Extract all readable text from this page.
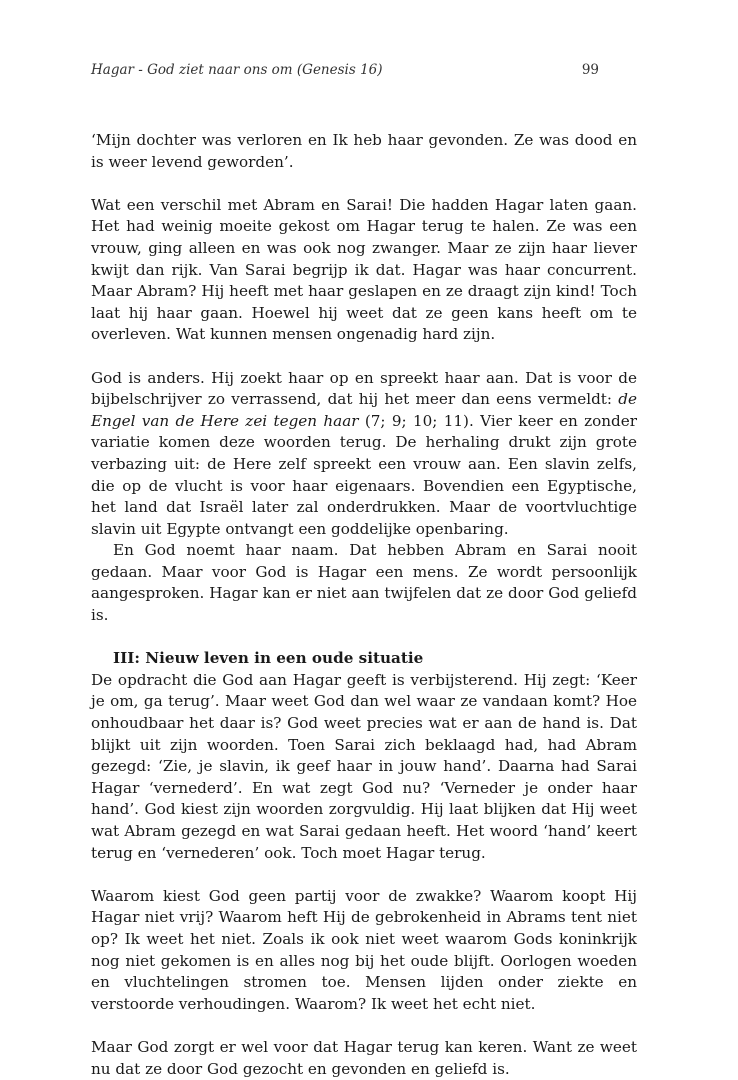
Hagar - God ziet naar ons om (Genesis 16)	99

‘Mijn dochter was verloren en Ik heb haar gevonden. Ze was dood en is weer levend geworden’.

Wat een verschil met Abram en Sarai! Die hadden Hagar laten gaan. Het had weinig moeite gekost om Hagar terug te halen. Ze was een vrouw, ging alleen en was ook nog zwanger. Maar ze zijn haar liever kwijt dan rijk. Van Sarai begrijp ik dat. Hagar was haar concurrent. Maar Abram? Hij heeft met haar geslapen en ze draagt zijn kind! Toch laat hij haar gaan. Hoewel hij weet dat ze geen kans heeft om te overleven. Wat kunnen mensen ongenadig hard zijn.

God is anders. Hij zoekt haar op en spreekt haar aan. Dat is voor de bijbelschrijver zo verrassend, dat hij het meer dan eens vermeldt: de Engel van de Here zei tegen haar (7; 9; 10; 11). Vier keer en zonder variatie komen deze woorden terug. De herhaling drukt zijn grote verbazing uit: de Here zelf spreekt een vrouw aan. Een slavin zelfs, die op de vlucht is voor haar eigenaars. Bovendien een Egyptische, het land dat Israël later zal onderdrukken. Maar de voortvluchtige slavin uit Egypte ontvangt een goddelijke openbaring.

En God noemt haar naam. Dat hebben Abram en Sarai nooit gedaan. Maar voor God is Hagar een mens. Ze wordt persoonlijk aangesproken. Hagar kan er niet aan twijfelen dat ze door God geliefd is.

III: Nieuw leven in een oude situatie

De opdracht die God aan Hagar geeft is verbijsterend. Hij zegt: ‘Keer je om, ga terug’. Maar weet God dan wel waar ze vandaan komt? Hoe onhoudbaar het daar is? God weet precies wat er aan de hand is. Dat blijkt uit zijn woorden. Toen Sarai zich beklaagd had, had Abram gezegd: ‘Zie, je slavin, ik geef haar in jouw hand’. Daarna had Sarai Hagar ‘vernederd’. En wat zegt God nu? ‘Verneder je onder haar hand’. God kiest zijn woorden zorgvuldig. Hij laat blijken dat Hij weet wat Abram gezegd en wat Sarai gedaan heeft. Het woord ‘hand’ keert terug en ‘vernederen’ ook. Toch moet Hagar terug.

Waarom kiest God geen partij voor de zwakke? Waarom koopt Hij Hagar niet vrij? Waarom heft Hij de gebrokenheid in Abrams tent niet op? Ik weet het niet. Zoals ik ook niet weet waarom Gods koninkrijk nog niet gekomen is en alles nog bij het oude blijft. Oorlogen woeden en vluchtelingen stromen toe. Mensen lijden onder ziekte en verstoorde verhoudingen. Waarom? Ik weet het echt niet.

Maar God zorgt er wel voor dat Hagar terug kan keren. Want ze weet nu dat ze door God gezocht en gevonden en geliefd is.
